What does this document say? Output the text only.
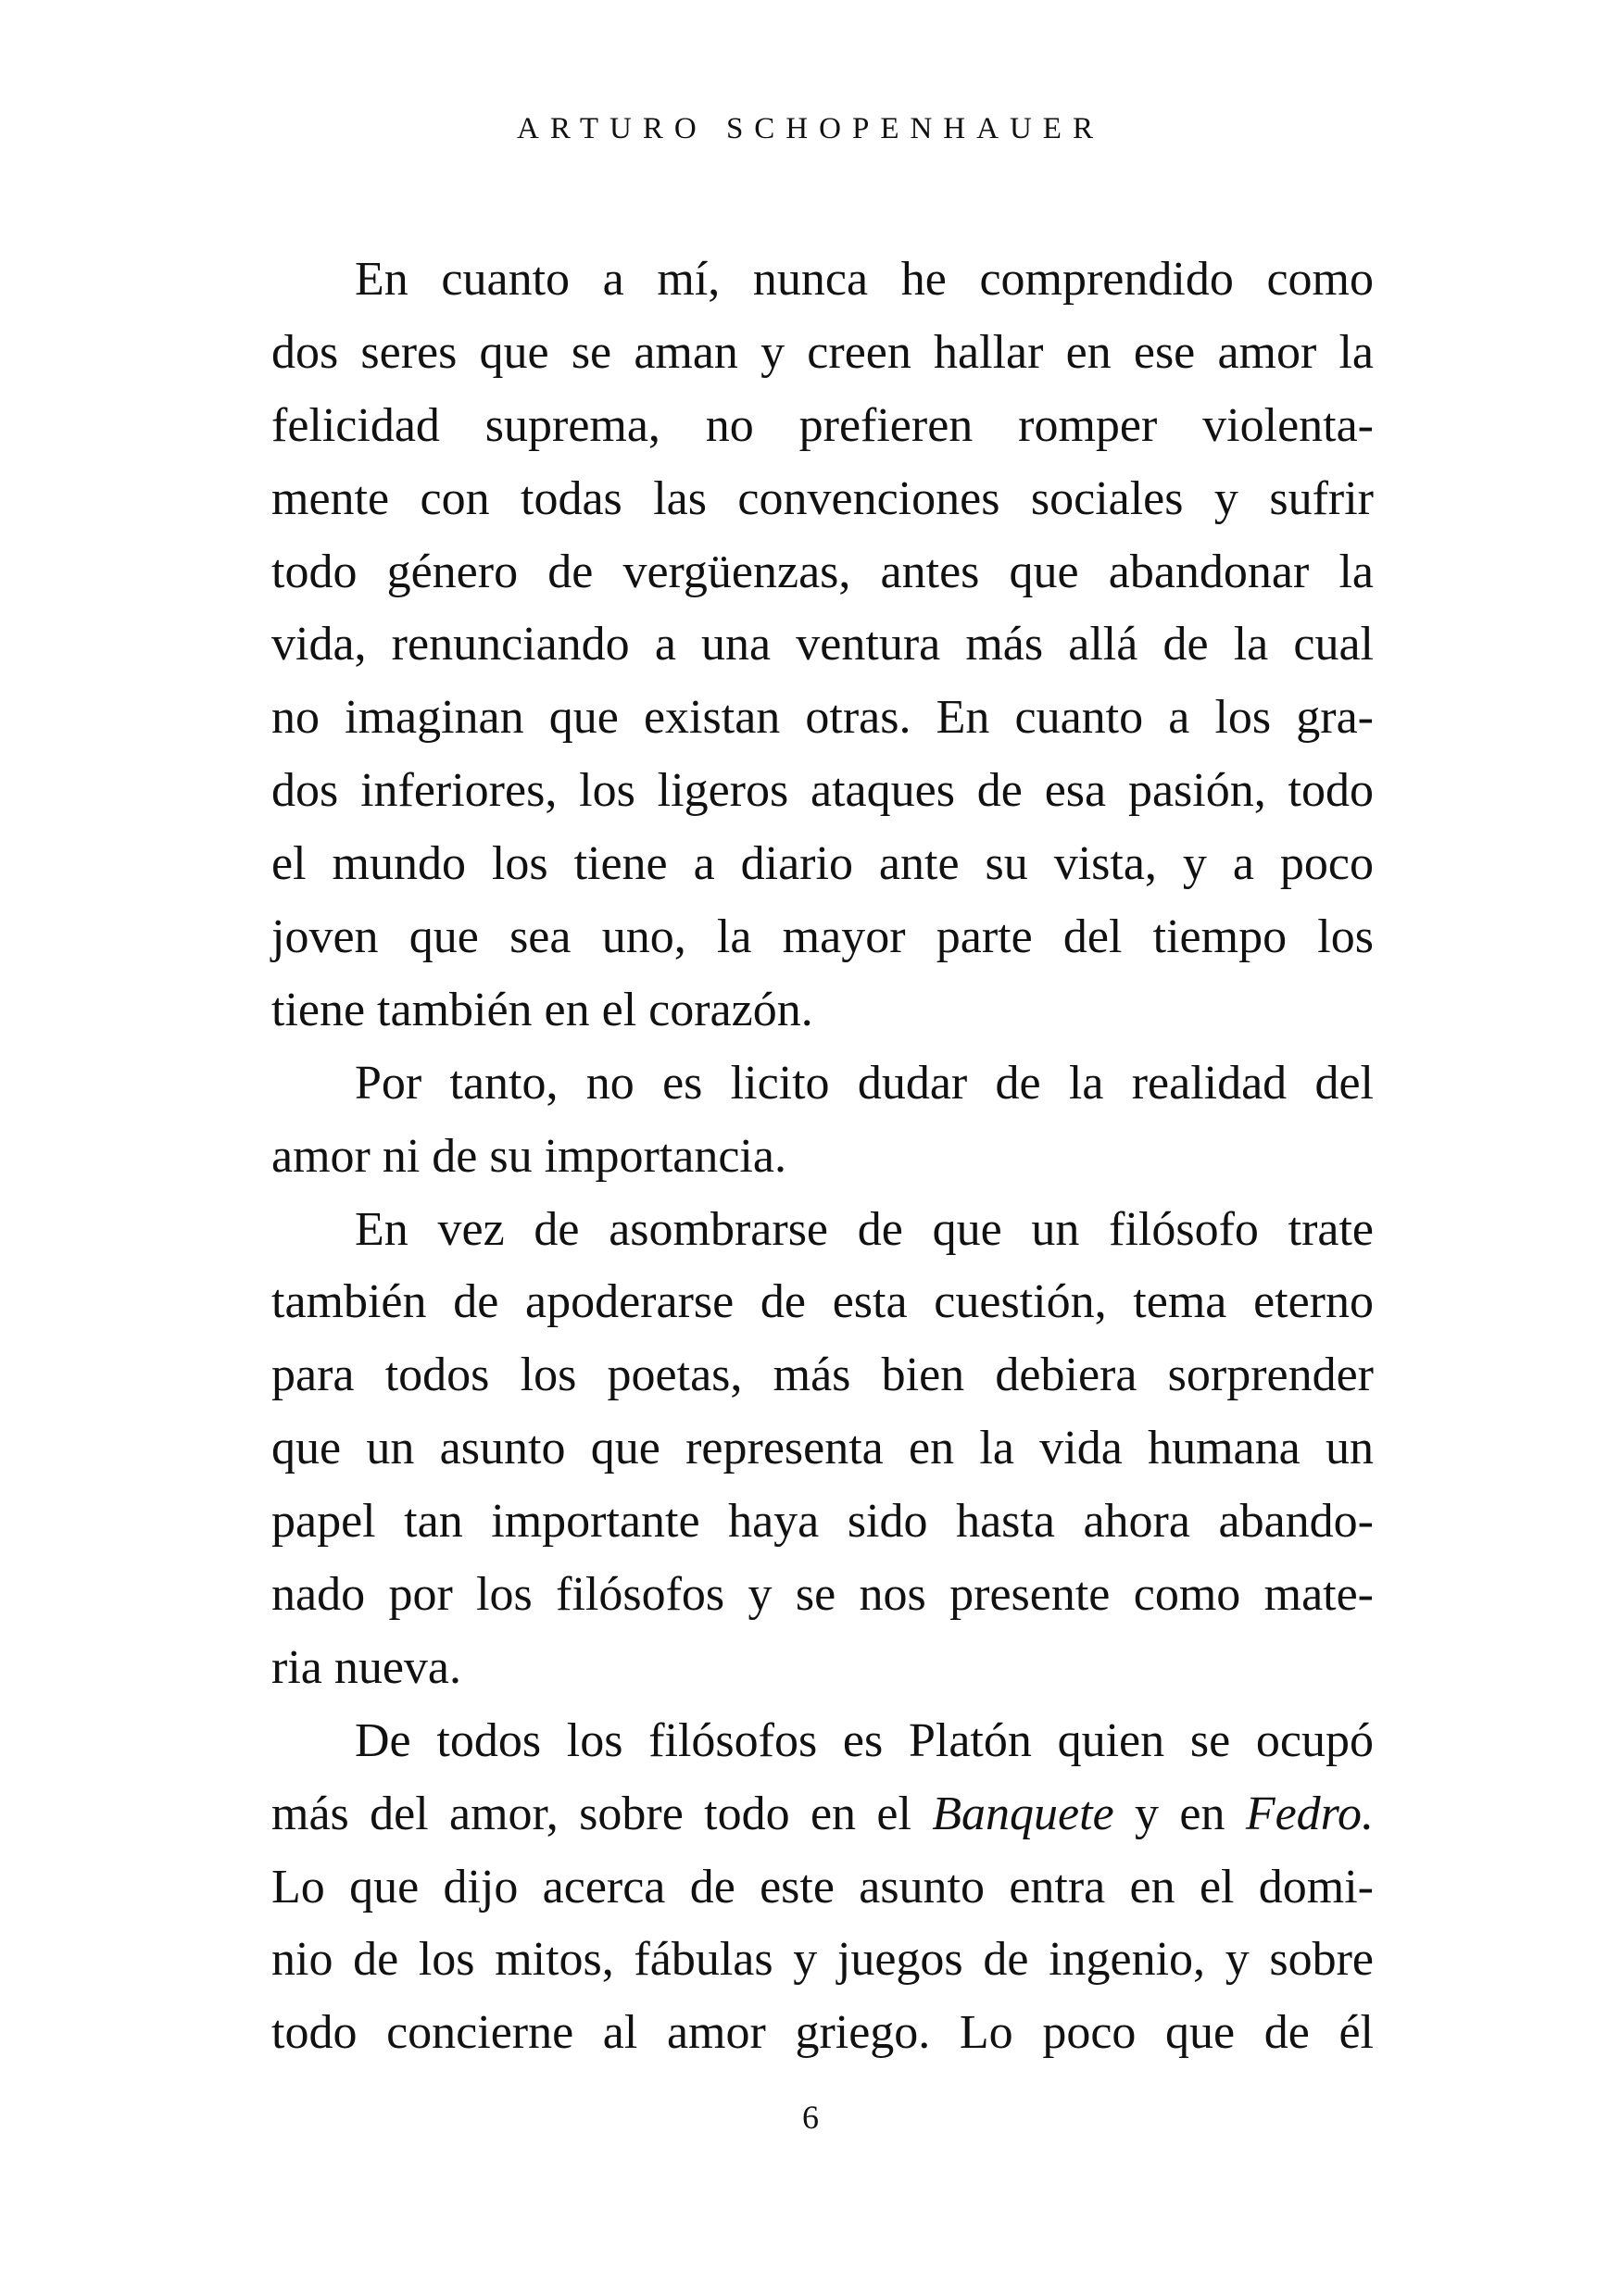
ARTURO SCHOPENHAUER
En cuanto a mí, nunca he comprendido como
dos seres que se aman y creen hallar en ese amor la
felicidad suprema, no prefieren romper violenta-
mente con todas las convenciones sociales y sufrir
todo género de vergüenzas, antes que abandonar la
vida, renunciando a una ventura más allá de la cual
no imaginan que existan otras. En cuanto a los gra-
dos inferiores, los ligeros ataques de esa pasión, todo
el mundo los tiene a diario ante su vista, y a poco
joven que sea uno, la mayor parte del tiempo los
tiene también en el corazón.
Por tanto, no es licito dudar de la realidad del
amor ni de su importancia.
En vez de asombrarse de que un filósofo trate
también de apoderarse de esta cuestión, tema eterno
para todos los poetas, más bien debiera sorprender
que un asunto que representa en la vida humana un
papel tan importante haya sido hasta ahora abando-
nado por los filósofos y se nos presente como mate-
ria nueva.
De todos los filósofos es Platón quien se ocupó
más del amor, sobre todo en el Banquete y en Fedro.
Lo que dijo acerca de este asunto entra en el domi-
nio de los mitos, fábulas y juegos de ingenio, y sobre
todo concierne al amor griego. Lo poco que de él
6
